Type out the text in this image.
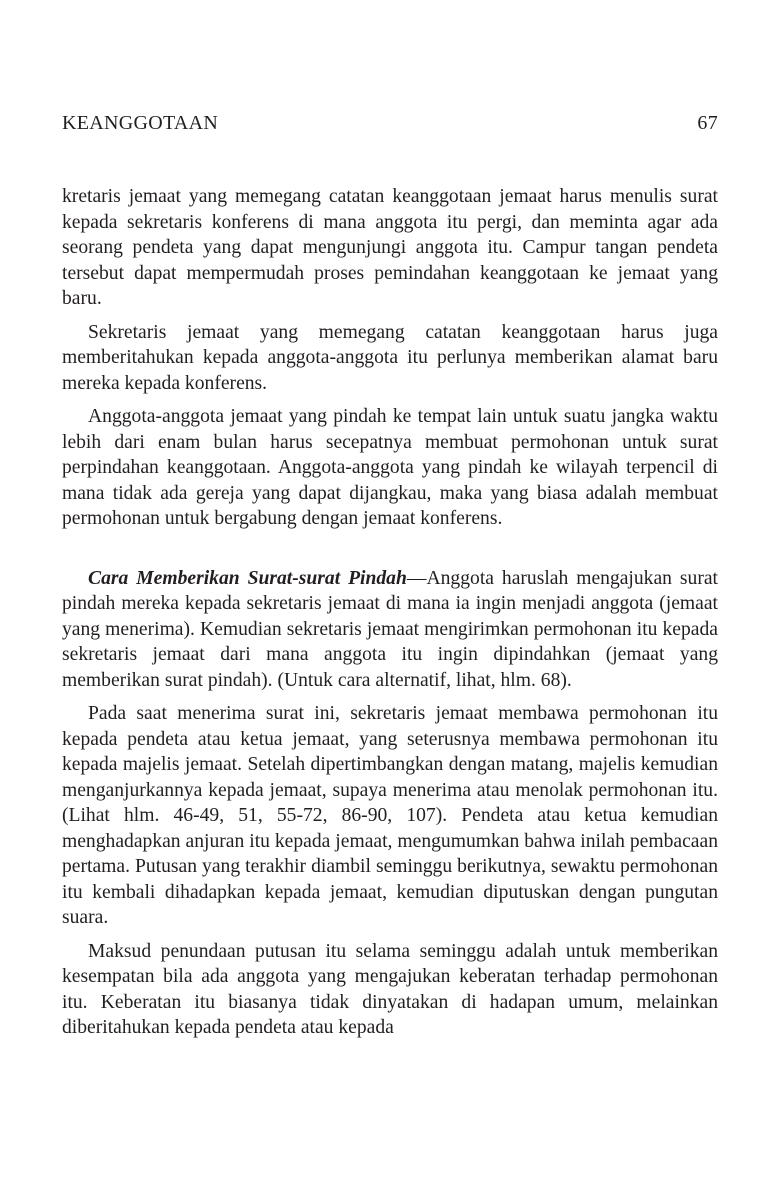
KEANGGOTAAN	67

kretaris jemaat yang memegang catatan keanggotaan jemaat harus menulis surat kepada sekretaris konferens di mana anggota itu pergi, dan meminta agar ada seorang pendeta yang dapat mengunjungi anggota itu. Campur tangan pendeta tersebut dapat mempermudah proses pemindahan keanggotaan ke jemaat yang baru.

Sekretaris jemaat yang memegang catatan keanggotaan harus juga memberitahukan kepada anggota-anggota itu perlunya memberikan alamat baru mereka kepada konferens.

Anggota-anggota jemaat yang pindah ke tempat lain untuk suatu jangka waktu lebih dari enam bulan harus secepatnya membuat permohonan untuk surat perpindahan keanggotaan. Anggota-anggota yang pindah ke wilayah terpencil di mana tidak ada gereja yang dapat dijangkau, maka yang biasa adalah membuat permohonan untuk bergabung dengan jemaat konferens.

Cara Memberikan Surat-surat Pindah—Anggota haruslah mengajukan surat pindah mereka kepada sekretaris jemaat di mana ia ingin menjadi anggota (jemaat yang menerima). Kemudian sekretaris jemaat mengirimkan permohonan itu kepada sekretaris jemaat dari mana anggota itu ingin dipindahkan (jemaat yang memberikan surat pindah). (Untuk cara alternatif, lihat, hlm. 68).

Pada saat menerima surat ini, sekretaris jemaat membawa permohonan itu kepada pendeta atau ketua jemaat, yang seterusnya membawa permohonan itu kepada majelis jemaat. Setelah dipertimbangkan dengan matang, majelis kemudian menganjurkannya kepada jemaat, supaya menerima atau menolak permohonan itu. (Lihat hlm. 46-49, 51, 55-72, 86-90, 107). Pendeta atau ketua kemudian menghadapkan anjuran itu kepada jemaat, mengumumkan bahwa inilah pembacaan pertama. Putusan yang terakhir diambil seminggu berikutnya, sewaktu permohonan itu kembali dihadapkan kepada jemaat, kemudian diputuskan dengan pungutan suara.

Maksud penundaan putusan itu selama seminggu adalah untuk memberikan kesempatan bila ada anggota yang mengajukan keberatan terhadap permohonan itu. Keberatan itu biasanya tidak dinyatakan di hadapan umum, melainkan diberitahukan kepada pendeta atau kepada
